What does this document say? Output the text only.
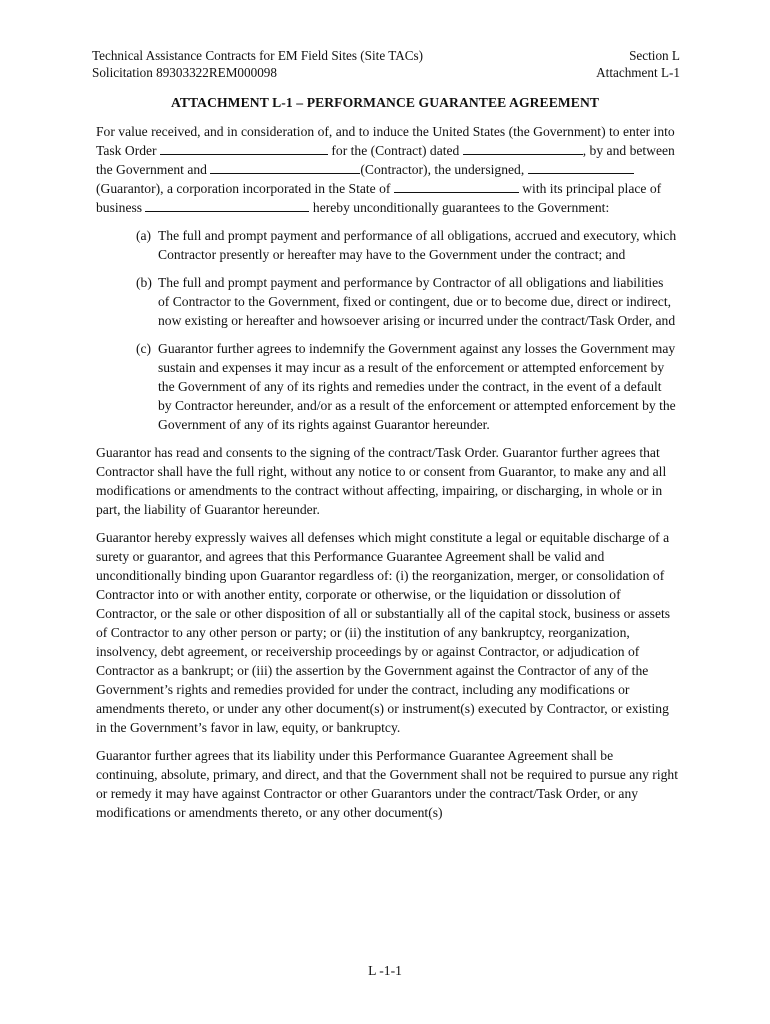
Technical Assistance Contracts for EM Field Sites (Site TACs)
Solicitation 89303322REM000098
Section L
Attachment L-1
ATTACHMENT L-1 – PERFORMANCE GUARANTEE AGREEMENT

For value received, and in consideration of, and to induce the United States (the Government) to enter into Task Order	for the (Contract) dated	, by and between the Government and	(Contractor), the undersigned,  (Guarantor), a corporation incorporated in the State of	with its principal place of business	hereby unconditionally guarantees to the Government:

(a) The full and prompt payment and performance of all obligations, accrued and executory, which Contractor presently or hereafter may have to the Government under the contract; and
(b) The full and prompt payment and performance by Contractor of all obligations and liabilities of Contractor to the Government, fixed or contingent, due or to become due, direct or indirect, now existing or hereafter and howsoever arising or incurred under the contract/Task Order, and
(c) Guarantor further agrees to indemnify the Government against any losses the Government may sustain and expenses it may incur as a result of the enforcement or attempted enforcement by the Government of any of its rights and remedies under the contract, in the event of a default by Contractor hereunder, and/or as a result of the enforcement or attempted enforcement by the Government of any of its rights against Guarantor hereunder.

Guarantor has read and consents to the signing of the contract/Task Order. Guarantor further agrees that Contractor shall have the full right, without any notice to or consent from Guarantor, to make any and all modifications or amendments to the contract without affecting, impairing, or discharging, in whole or in part, the liability of Guarantor hereunder.

Guarantor hereby expressly waives all defenses which might constitute a legal or equitable discharge of a surety or guarantor, and agrees that this Performance Guarantee Agreement shall be valid and unconditionally binding upon Guarantor regardless of: (i) the reorganization, merger, or consolidation of Contractor into or with another entity, corporate or otherwise, or the liquidation or dissolution of Contractor, or the sale or other disposition of all or substantially all of the capital stock, business or assets of Contractor to any other person or party; or (ii) the institution of any bankruptcy, reorganization, insolvency, debt agreement, or receivership proceedings by or against Contractor, or adjudication of Contractor as a bankrupt; or (iii) the assertion by the Government against the Contractor of any of the Government’s rights and remedies provided for under the contract, including any modifications or amendments thereto, or under any other document(s) or instrument(s) executed by Contractor, or existing in the Government’s favor in law, equity, or bankruptcy.

Guarantor further agrees that its liability under this Performance Guarantee Agreement shall be continuing, absolute, primary, and direct, and that the Government shall not be required to pursue any right or remedy it may have against Contractor or other Guarantors under the contract/Task Order, or any modifications or amendments thereto, or any other document(s)

L -1-1
